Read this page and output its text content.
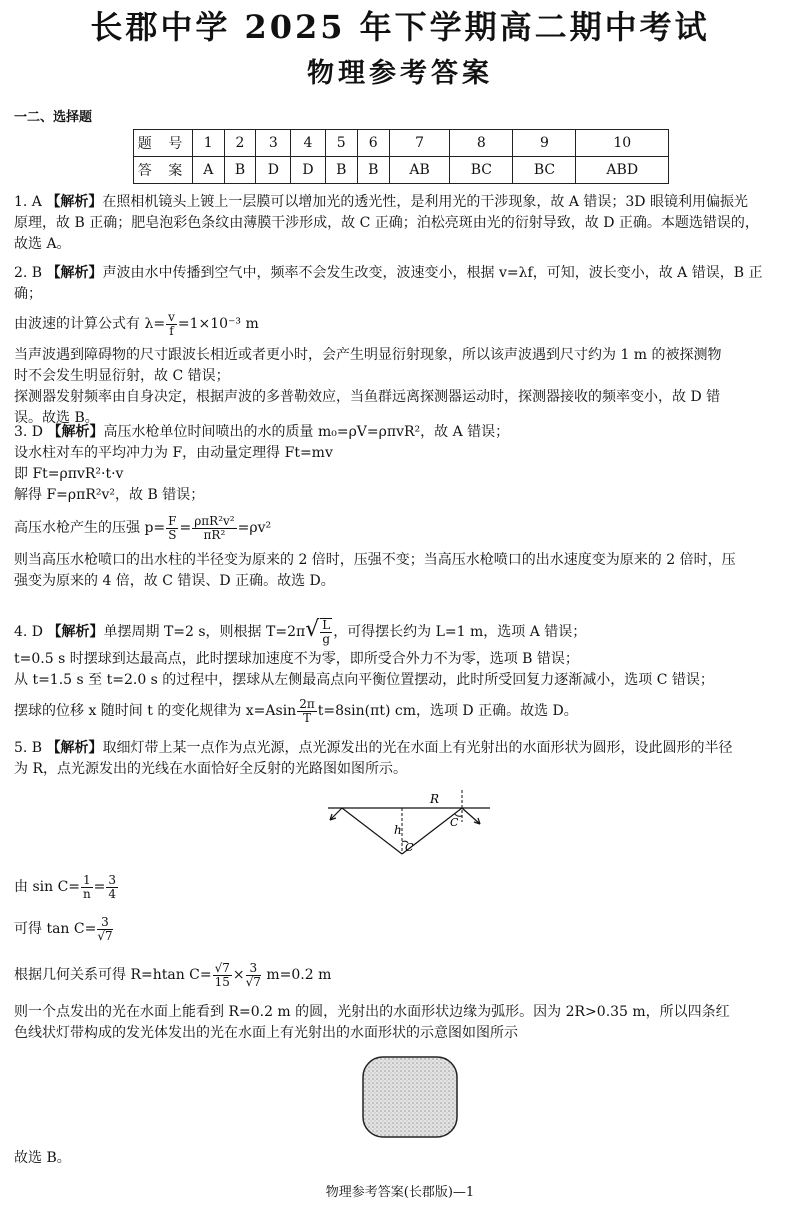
长郡中学 2025 年下学期高二期中考试
物理参考答案
一二、选择题
题 号	1	2	3	4	5	6	7	8	9	10
答 案	A	B	D	D	B	B	AB	BC	BC	ABD
1. A 【解析】在照相机镜头上镀上一层膜可以增加光的透光性，是利用光的干涉现象，故 A 错误；3D 眼镜利用偏振光
原理，故 B 正确；肥皂泡彩色条纹由薄膜干涉形成，故 C 正确；泊松亮斑由光的衍射导致，故 D 正确。本题选错误的，
故选 A。
2. B 【解析】声波由水中传播到空气中，频率不会发生改变，波速变小，根据 v=λf，可知，波长变小，故 A 错误，B 正确；
由波速的计算公式有 $\lambda= \frac{v}{f} =1\times 10^{-3}$ m
当声波遇到障碍物的尺寸跟波长相近或者更小时，会产生明显衍射现象，所以该声波遇到尺寸约为 1 m 的被探测物
时不会发生明显衍射，故 C 错误；
探测器发射频率由自身决定，根据声波的多普勒效应，当鱼群远离探测器运动时，探测器接收的频率变小，故 D 错
误。故选 B。
3. D 【解析】高压水枪单位时间喷出的水的质量 m₀=ρV=ρπvR²，故 A 错误；
设水柱对车的平均冲力为 F，由动量定理得 Ft=mv
即 Ft=ρπvR²·t·v
解得 F=ρπR²v²，故 B 错误；
高压水枪产生的压强 $p= \frac{F}{S} = \frac{\text{ρπR²v²}}{\text{πR²}} =\rho v^2$
则当高压水枪喷口的出水柱的半径变为原来的 2 倍时，压强不变；当高压水枪喷口的出水速度变为原来的 2 倍时，压
强变为原来的 4 倍，故 C 错误、D 正确。故选 D。
4. D 【解析】单摆周期 T=2 s，则根据 $T=2\pi√ \frac{L}{g}$ ，可得摆长约为 L=1 m，选项 A 错误；
t=0.5 s 时摆球到达最高点，此时摆球加速度不为零，即所受合外力不为零，选项 B 错误；
从 t=1.5 s 至 t=2.0 s 的过程中，摆球从左侧最高点向平衡位置摆动，此时所受回复力逐渐减小，选项 C 错误；
摆球的位移 x 随时间 t 的变化规律为 $x=Asin \frac{2\pi}{T} t=8\sin(\pi t)$ cm，选项 D 正确。故选 D。
5. B 【解析】取细灯带上某一点作为点光源，点光源发出的光在水面上有光射出的水面形状为圆形，设此圆形的半径
为 R，点光源发出的光线在水面恰好全反射的光路图如图所示。
R
h
C
C
由 $\sin C= \frac{1}{n} = \frac{3}{4}$
可得 $\tan C= \frac{3}{√7}$
根据几何关系可得 R=htan $C= \frac{√7}{15} \times \frac{3}{√7} m=0.2$ m
则一个点发出的光在水面上能看到 R=0.2 m 的圆，光射出的水面形状边缘为弧形。因为 2R>0.35 m，所以四条红
色线状灯带构成的发光体发出的光在水面上有光射出的水面形状的示意图如图所示
故选 B。
物理参考答案(长郡版)—1
